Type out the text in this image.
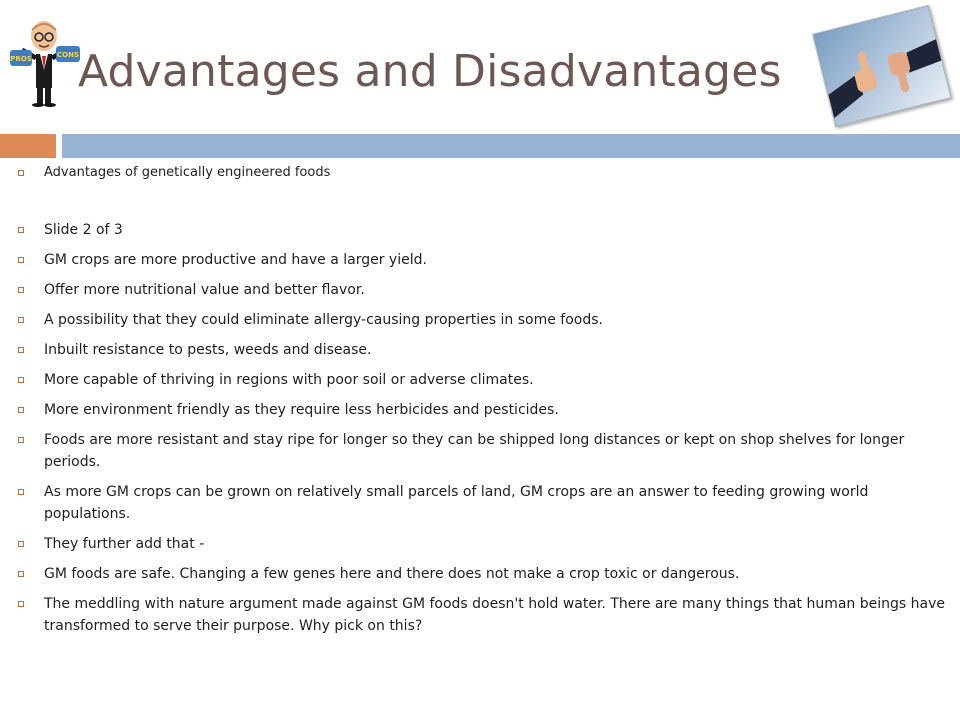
PROS	CONS Advantages and Disadvantages
Advantages of genetically engineered foods
Slide 2 of 3
GM crops are more productive and have a larger yield.
Offer more nutritional value and better flavor.
A possibility that they could eliminate allergy-causing properties in some foods.
Inbuilt resistance to pests, weeds and disease.
More capable of thriving in regions with poor soil or adverse climates.
More environment friendly as they require less herbicides and pesticides.
Foods are more resistant and stay ripe for longer so they can be shipped long distances or kept on shop shelves for longer periods.
As more GM crops can be grown on relatively small parcels of land, GM crops are an answer to feeding growing world populations.
They further add that -
GM foods are safe. Changing a few genes here and there does not make a crop toxic or dangerous.
The meddling with nature argument made against GM foods doesn't hold water. There are many things that human beings have transformed to serve their purpose. Why pick on this?
